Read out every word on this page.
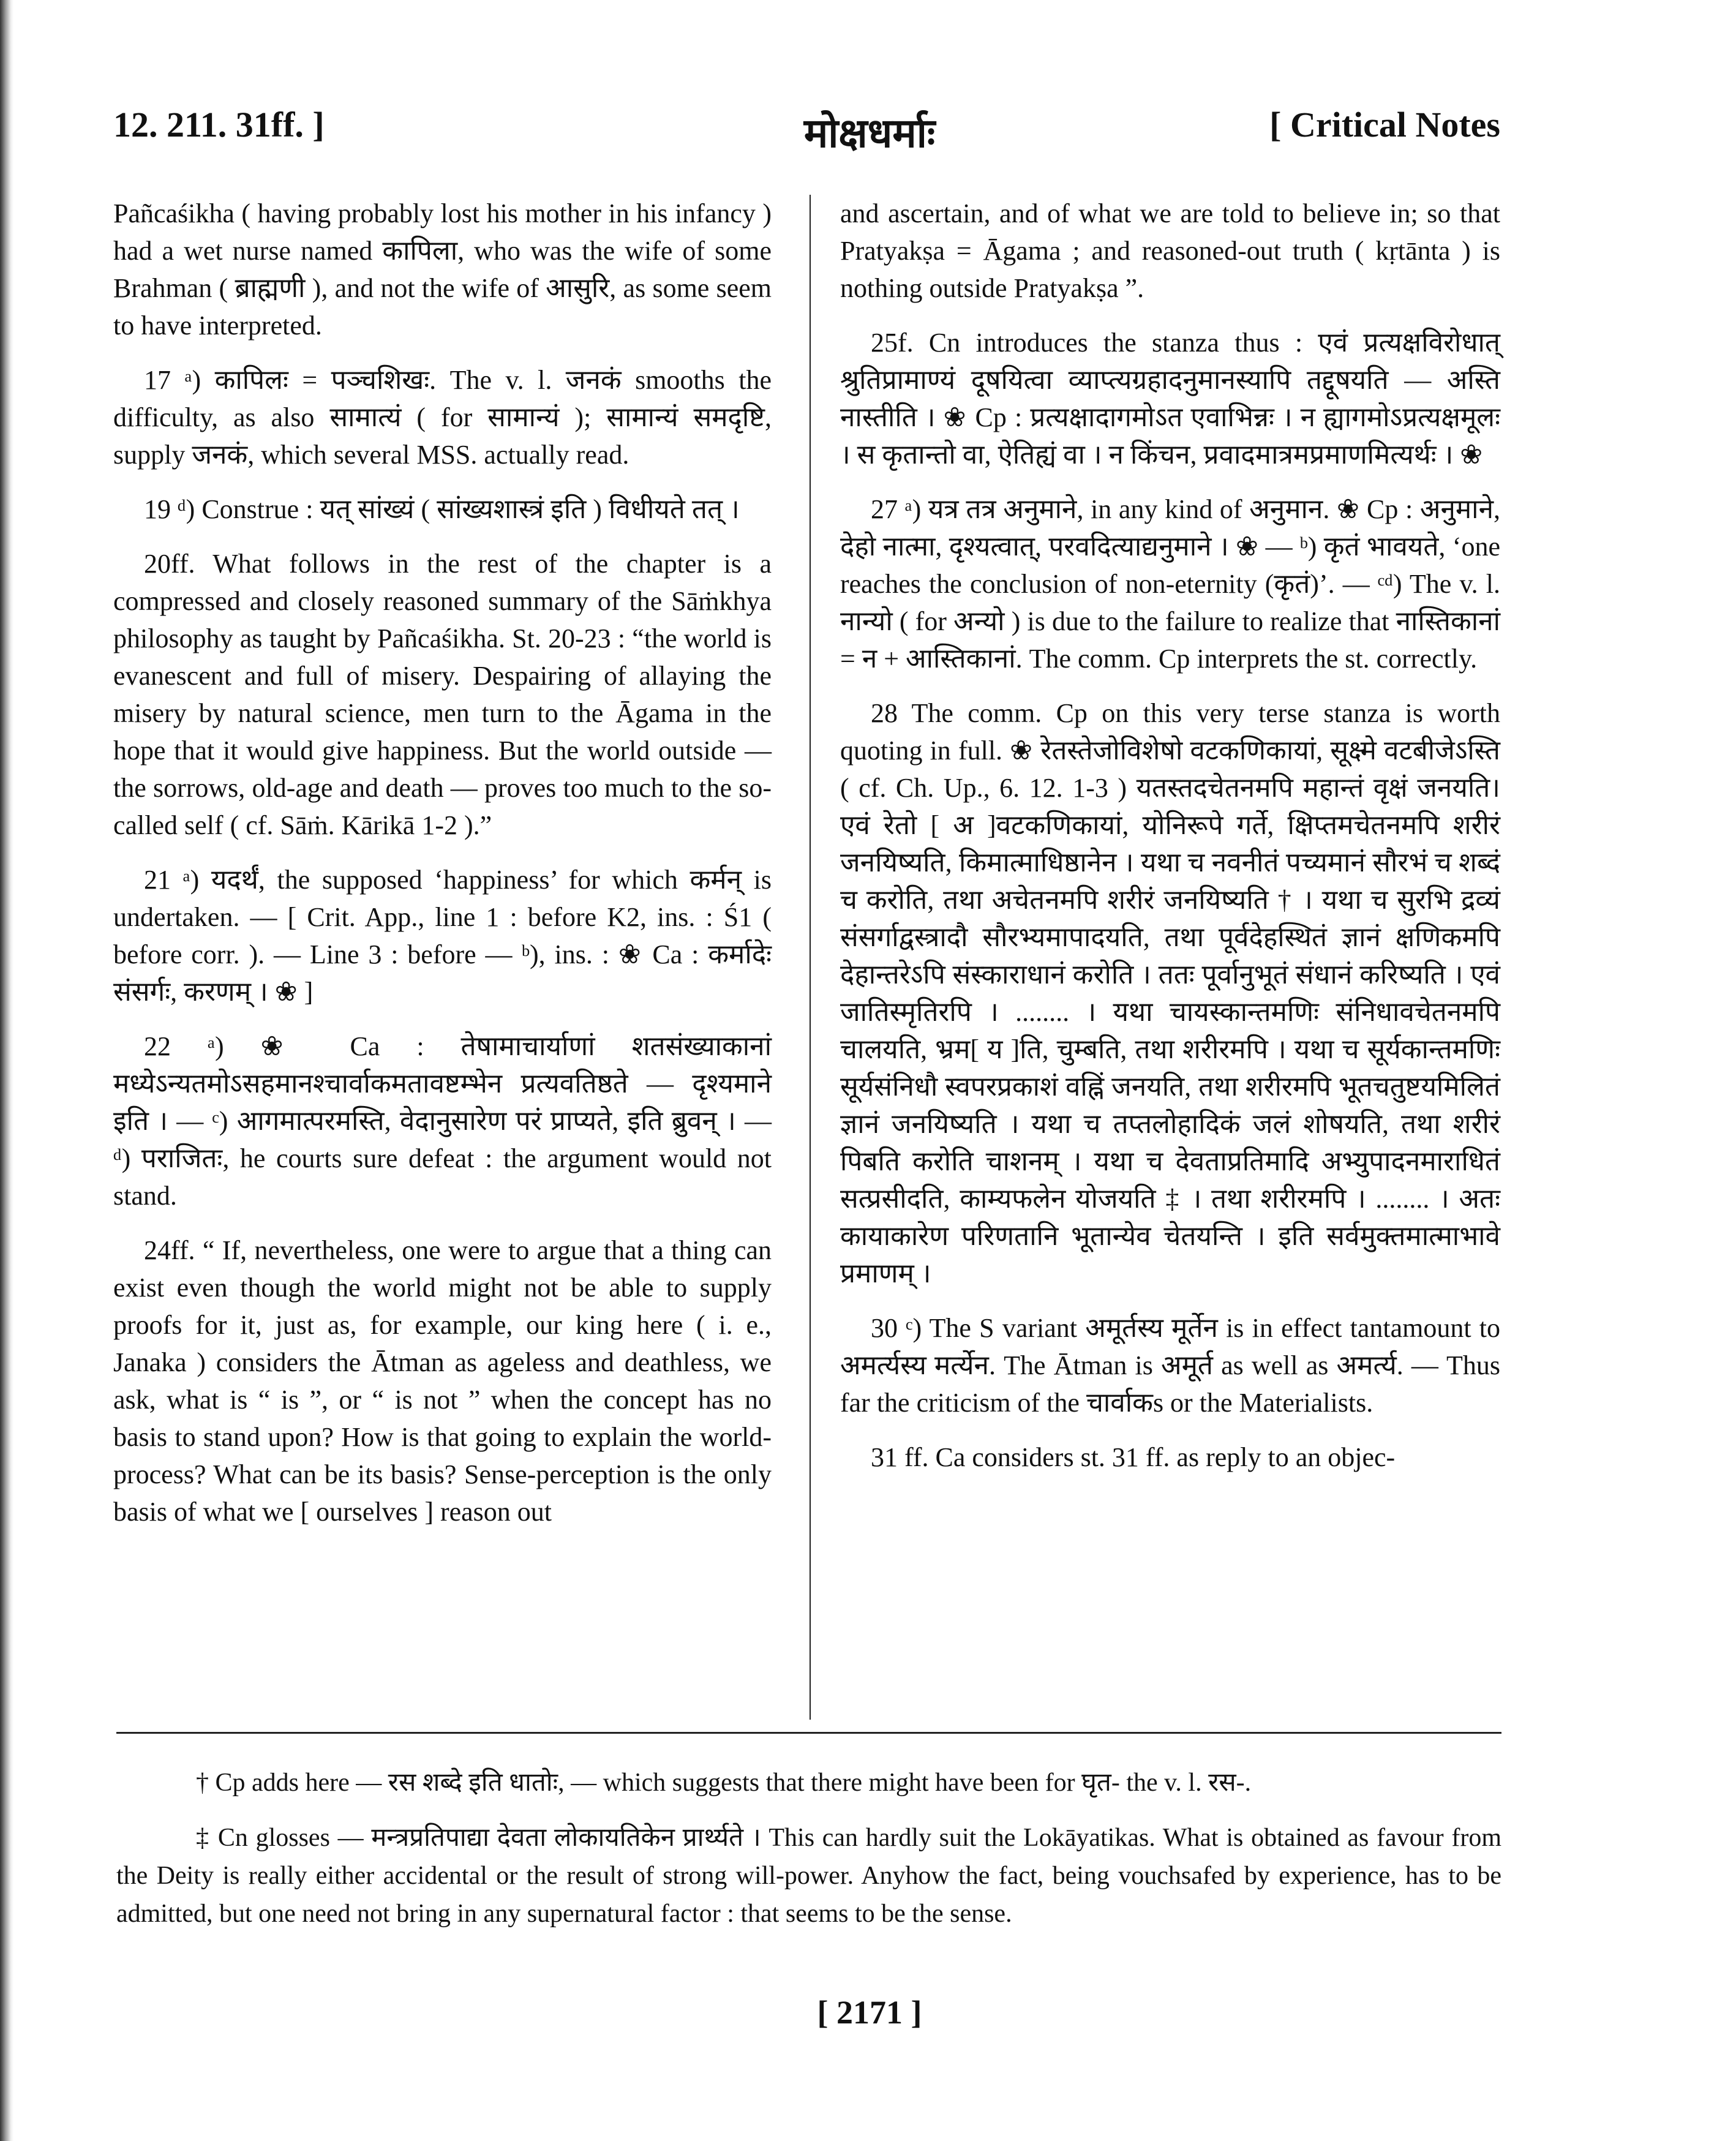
12. 211. 31ff. ]	मोक्षधर्माः	[ Critical Notes

Pañcaśikha ( having probably lost his mother in his infancy ) had a wet nurse named कापिला, who was the wife of some Brahman ( ब्राह्मणी ), and not the wife of आसुरि, as some seem to have interpreted.

17 ᵃ) कापिलः = पञ्चशिखः. The v. l. जनकं smooths the difficulty, as also सामात्यं ( for सामान्यं ); सामान्यं समदृष्टि, supply जनकं, which several MSS. actually read.

19 ᵈ) Construe : यत् सांख्यं ( सांख्यशास्त्रं इति ) विधीयते तत् ।

20ff. What follows in the rest of the chapter is a compressed and closely reasoned summary of the Sāṁkhya philosophy as taught by Pañcaśikha. St. 20-23 : “the world is evanescent and full of misery. Despairing of allaying the misery by natural science, men turn to the Āgama in the hope that it would give happiness. But the world outside — the sorrows, old-age and death — proves too much to the so-called self ( cf. Sāṁ. Kārikā 1-2 ).”

21 ᵃ) यदर्थं, the supposed ‘happiness’ for which कर्मन् is undertaken. — [ Crit. App., line 1 : before K2, ins. : Ś1 ( before corr. ). — Line 3 : before — ᵇ), ins. : ❀ Ca : कर्मादेः संसर्गः, करणम् । ❀ ]

22 ᵃ) ❀ Ca : तेषामाचार्याणां शतसंख्याकानां मध्येऽन्यतमोऽसहमानश्चार्वाकमतावष्टम्भेन प्रत्यवतिष्ठते — दृश्यमाने इति । — ᶜ) आगमात्परमस्ति, वेदानुसारेण परं प्राप्यते, इति ब्रुवन् । — ᵈ) पराजितः, he courts sure defeat : the argument would not stand.

24ff. “ If, nevertheless, one were to argue that a thing can exist even though the world might not be able to supply proofs for it, just as, for example, our king here ( i. e., Janaka ) considers the Ātman as ageless and deathless, we ask, what is “ is ”, or “ is not ” when the concept has no basis to stand upon? How is that going to explain the world-process? What can be its basis? Sense-perception is the only basis of what we [ ourselves ] reason out

and ascertain, and of what we are told to believe in; so that Pratyakṣa = Āgama ; and reasoned-out truth ( kṛtānta ) is nothing outside Pratyakṣa ”.

25f. Cn introduces the stanza thus : एवं प्रत्यक्षविरोधात् श्रुतिप्रामाण्यं दूषयित्वा व्याप्त्यग्रहादनुमानस्यापि तद्दूषयति — अस्ति नास्तीति । ❀ Cp : प्रत्यक्षादागमोऽत एवाभिन्नः । न ह्यागमोऽप्रत्यक्षमूलः । स कृतान्तो वा, ऐतिह्यं वा । न किंचन, प्रवादमात्रमप्रमाणमित्यर्थः । ❀

27 ᵃ) यत्र तत्र अनुमाने, in any kind of अनुमान. ❀ Cp : अनुमाने, देहो नात्मा, दृश्यत्वात्, परवदित्याद्यनुमाने । ❀ — ᵇ) कृतं भावयते, ‘one reaches the conclusion of non-eternity (कृतं)’. — ᶜᵈ) The v. l. नान्यो ( for अन्यो ) is due to the failure to realize that नास्तिकानां = न + आस्तिकानां. The comm. Cp interprets the st. correctly.

28 The comm. Cp on this very terse stanza is worth quoting in full. ❀ रेतस्तेजोविशेषो वटकणिकायां, सूक्ष्मे वटबीजेऽस्ति ( cf. Ch. Up., 6. 12. 1-3 ) यतस्तदचेतनमपि महान्तं वृक्षं जनयति। एवं रेतो [ अ ]वटकणिकायां, योनिरूपे गर्ते, क्षिप्तमचेतनमपि शरीरं जनयिष्यति, किमात्माधिष्ठानेन । यथा च नवनीतं पच्यमानं सौरभं च शब्दं च करोति, तथा अचेतनमपि शरीरं जनयिष्यति † । यथा च सुरभि द्रव्यं संसर्गाद्वस्त्रादौ सौरभ्यमापादयति, तथा पूर्वदेहस्थितं ज्ञानं क्षणिकमपि देहान्तरेऽपि संस्काराधानं करोति । ततः पूर्वानुभूतं संधानं करिष्यति । एवं जातिस्मृतिरपि । ........ । यथा चायस्कान्तमणिः संनिधावचेतनमपि चालयति, भ्रम[ य ]ति, चुम्बति, तथा शरीरमपि । यथा च सूर्यकान्तमणिः सूर्यसंनिधौ स्वपरप्रकाशं वह्निं जनयति, तथा शरीरमपि भूतचतुष्टयमिलितं ज्ञानं जनयिष्यति । यथा च तप्तलोहादिकं जलं शोषयति, तथा शरीरं पिबति करोति चाशनम् । यथा च देवताप्रतिमादि अभ्युपादनमाराधितं सत्प्रसीदति, काम्यफलेन योजयति ‡ । तथा शरीरमपि । ........ । अतः कायाकारेण परिणतानि भूतान्येव चेतयन्ति । इति सर्वमुक्तमात्माभावे प्रमाणम् ।

30 ᶜ) The S variant अमूर्तस्य मूर्तेन is in effect tantamount to अमर्त्यस्य मर्त्येन. The Ātman is अमूर्त as well as अमर्त्य. — Thus far the criticism of the चार्वाकs or the Materialists.

31 ff. Ca considers st. 31 ff. as reply to an objec-

† Cp adds here — रस शब्दे इति धातोः, — which suggests that there might have been for घृत- the v. l. रस-.

‡ Cn glosses — मन्त्रप्रतिपाद्या देवता लोकायतिकेन प्रार्थ्यते । This can hardly suit the Lokāyatikas. What is obtained as favour from the Deity is really either accidental or the result of strong will-power. Anyhow the fact, being vouchsafed by experience, has to be admitted, but one need not bring in any supernatural factor : that seems to be the sense.

[ 2171 ]
